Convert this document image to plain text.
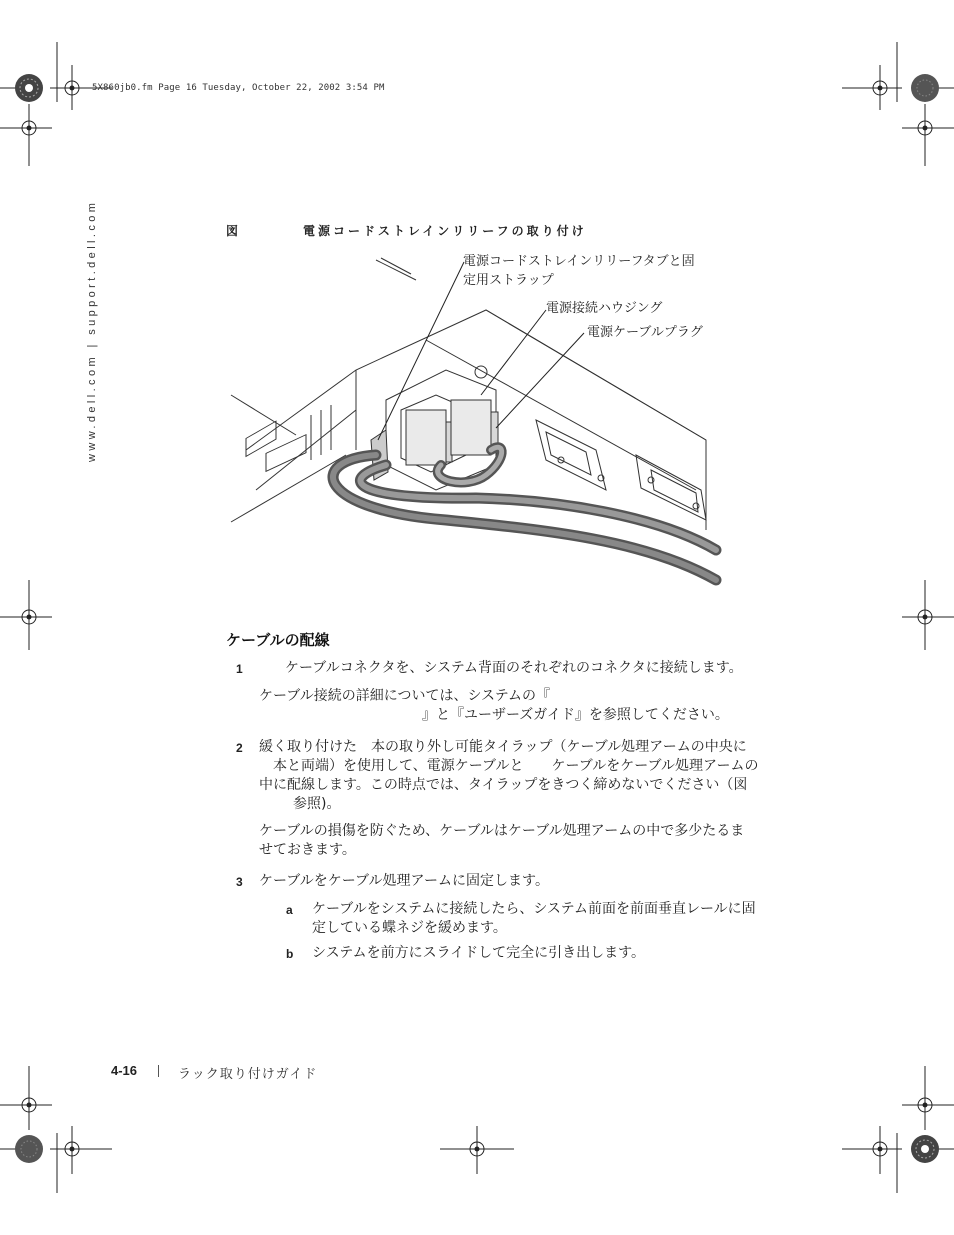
5X860jb0.fm Page 16 Tuesday, October 22, 2002 3:54 PM
www.dell.com | support.dell.com	図	電源コードストレインリリーフの取り付け
電源コードストレインリリーフタブと固
定用ストラップ
電源接続ハウジング
電源ケーブルプラグ
ケーブルの配線
1	ケーブルコネクタを、システム背面のそれぞれのコネクタに接続します。
ケーブル接続の詳細については、システムの『
』と『ユーザーズガイド』を参照してください。
2 緩く取り付けた　本の取り外し可能タイラップ（ケーブル処理アームの中央に
本と両端）を使用して、電源ケーブルと　　ケーブルをケーブル処理アームの
中に配線します。この時点では、タイラップをきつく締めないでください（図
参照)。
ケーブルの損傷を防ぐため、ケーブルはケーブル処理アームの中で多少たるま
せておきます。
3 ケーブルをケーブル処理アームに固定します。
a ケーブルをシステムに接続したら、システム前面を前面垂直レールに固
定している蝶ネジを緩めます。
b システムを前方にスライドして完全に引き出します。
4-16	ラック取り付けガイド
